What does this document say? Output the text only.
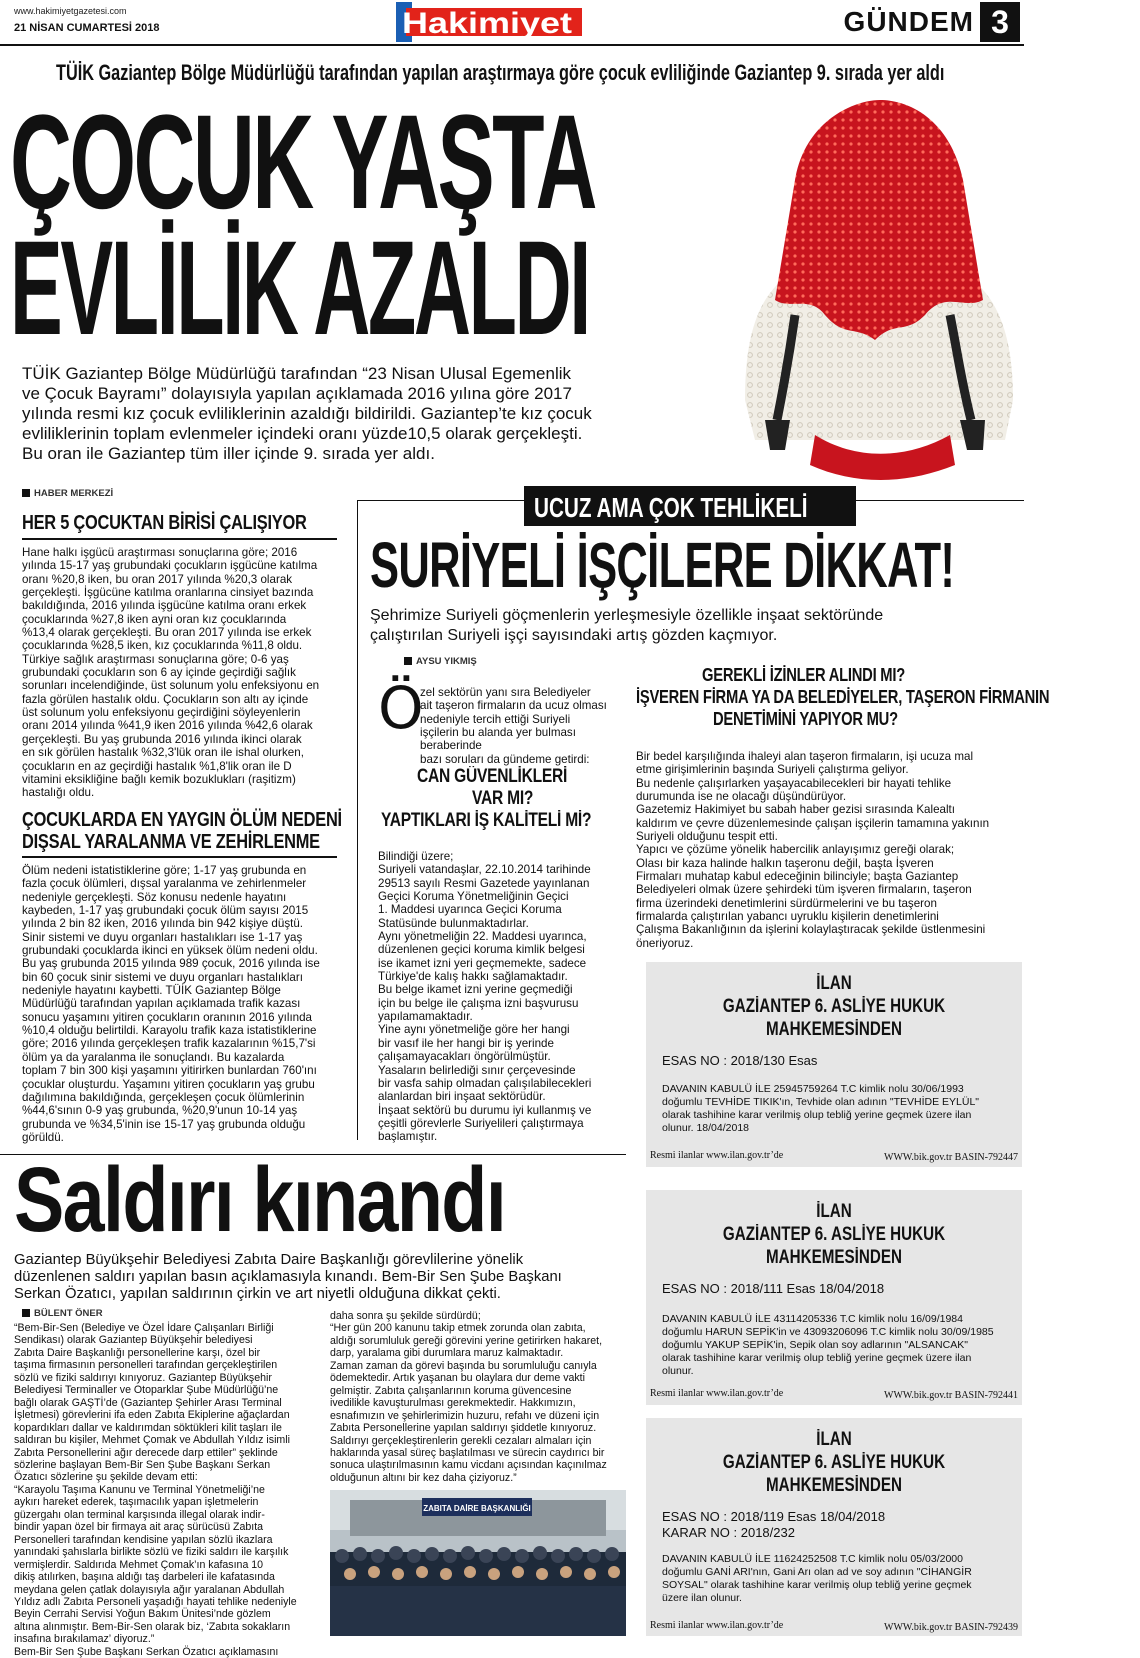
www.hakimiyetgazetesi.com
21 NİSAN CUMARTESİ 2018	Hakimiyet	GÜNDEM 3
TÜİK Gaziantep Bölge Müdürlüğü tarafından yapılan araştırmaya göre çocuk evliliğinde Gaziantep 9. sırada yer aldı
ÇOCUK YAŞTA
EVLİLİK AZALDI

TÜİK Gaziantep Bölge Müdürlüğü tarafından “23 Nisan Ulusal Egemenlik
ve Çocuk Bayramı” dolayısıyla yapılan açıklamada 2016 yılına göre 2017
yılında resmi kız çocuk evliliklerinin azaldığı bildirildi. Gaziantep’te kız çocuk
evliliklerinin toplam evlenmeler içindeki oranı yüzde10,5 olarak gerçekleşti.
Bu oran ile Gaziantep tüm iller içinde 9. sırada yer aldı.

HABER MERKEZİ
HER 5 ÇOCUKTAN BİRİSİ ÇALIŞIYOR

Hane halkı işgücü araştırması sonuçlarına göre; 2016
yılında 15-17 yaş grubundaki çocukların işgücüne katılma
oranı %20,8 iken, bu oran 2017 yılında %20,3 olarak
gerçekleşti. İşgücüne katılma oranlarına cinsiyet bazında
bakıldığında, 2016 yılında işgücüne katılma oranı erkek
çocuklarında %27,8 iken ayni oran kız çocuklarında
%13,4 olarak gerçekleşti. Bu oran 2017 yılında ise erkek
çocuklarında %28,5 iken, kız çocuklarında %11,8 oldu.
Türkiye sağlık araştırması sonuçlarına göre; 0-6 yaş
grubundaki çocukların son 6 ay içinde geçirdiği sağlık
sorunları incelendiğinde, üst solunum yolu enfeksiyonu en
fazla görülen hastalık oldu. Çocukların son altı ay içinde
üst solunum yolu enfeksiyonu geçirdiğini söyleyenlerin
oranı 2014 yılında %41,9 iken 2016 yılında %42,6 olarak
gerçekleşti. Bu yaş grubunda 2016 yılında ikinci olarak
en sık görülen hastalık %32,3'lük oran ile ishal olurken,
çocukların en az geçirdiği hastalık %1,8'lik oran ile D
vitamini eksikliğine bağlı kemik bozuklukları (raşitizm)
hastalığı oldu.

ÇOCUKLARDA EN YAYGIN ÖLÜM NEDENİ
DIŞSAL YARALANMA VE ZEHİRLENME

Ölüm nedeni istatistiklerine göre; 1-17 yaş grubunda en
fazla çocuk ölümleri, dışsal yaralanma ve zehirlenmeler
nedeniyle gerçekleşti. Söz konusu nedenle hayatını
kaybeden, 1-17 yaş grubundaki çocuk ölüm sayısı 2015
yılında 2 bin 82 iken, 2016 yılında bin 942 kişiye düştü.
Sinir sistemi ve duyu organları hastalıkları ise 1-17 yaş
grubundaki çocuklarda ikinci en yüksek ölüm nedeni oldu.
Bu yaş grubunda 2015 yılında 989 çocuk, 2016 yılında ise
bin 60 çocuk sinir sistemi ve duyu organları hastalıkları
nedeniyle hayatını kaybetti. TÜİK Gaziantep Bölge
Müdürlüğü tarafından yapılan açıklamada trafik kazası
sonucu yaşamını yitiren çocukların oranının 2016 yılında
%10,4 olduğu belirtildi. Karayolu trafik kaza istatistiklerine
göre; 2016 yılında gerçekleşen trafik kazalarının %15,7'si
ölüm ya da yaralanma ile sonuçlandı. Bu kazalarda
toplam 7 bin 300 kişi yaşamını yitirirken bunlardan 760'ını
çocuklar oluşturdu. Yaşamını yitiren çocukların yaş grubu
dağılımına bakıldığında, gerçekleşen çocuk ölümlerinin
%44,6'sının 0-9 yaş grubunda, %20,9'unun 10-14 yaş
grubunda ve %34,5'inin ise 15-17 yaş grubunda olduğu
görüldü.

UCUZ AMA ÇOK TEHLİKELİ
SURİYELİ İŞÇİLERE DİKKAT!

Şehrimize Suriyeli göçmenlerin yerleşmesiyle özellikle inşaat sektöründe
çalıştırılan Suriyeli işçi sayısındaki artış gözden kaçmıyor.

AYSU YIKMIŞ
Ö

zel sektörün yanı sıra Belediyeler
ait taşeron firmaların da ucuz olması
nedeniyle tercih ettiği Suriyeli
işçilerin bu alanda yer bulması beraberinde
bazı soruları da gündeme getirdi:

CAN GÜVENLİKLERİ
VAR MI?
YAPTIKLARI İŞ KALİTELİ Mİ?

Bilindiği üzere;
Suriyeli vatandaşlar, 22.10.2014 tarihinde
29513 sayılı Resmi Gazetede yayınlanan
Geçici Koruma Yönetmeliğinin Geçici
1. Maddesi uyarınca Geçici Koruma
Statüsünde bulunmaktadırlar.
Aynı yönetmeliğin 22. Maddesi uyarınca,
düzenlenen geçici koruma kimlik belgesi
ise ikamet izni yeri geçmemekte, sadece
Türkiye'de kalış hakkı sağlamaktadır.
Bu belge ikamet izni yerine geçmediği
için bu belge ile çalışma izni başvurusu
yapılamamaktadır.
Yine aynı yönetmeliğe göre her hangi
bir vasıf ile her hangi bir iş yerinde
çalışamayacakları öngörülmüştür.
Yasaların belirlediği sınır çerçevesinde
bir vasfa sahip olmadan çalışılabilecekleri
alanlardan biri inşaat sektörüdür.
İnşaat sektörü bu durumu iyi kullanmış ve
çeşitli görevlerle Suriyelileri çalıştırmaya
başlamıştır.

GEREKLİ İZİNLER ALINDI MI?
İŞVEREN FİRMA YA DA BELEDİYELER, TAŞERON FİRMANIN
DENETİMİNİ YAPIYOR MU?

Bir bedel karşılığında ihaleyi alan taşeron firmaların, işi ucuza mal
etme girişimlerinin başında Suriyeli çalıştırma geliyor.
Bu nedenle çalışırlarken yaşayacabilecekleri bir hayati tehlike
durumunda ise ne olacağı düşündürüyor.
Gazetemiz Hakimiyet bu sabah haber gezisi sırasında Kalealtı
kaldırım ve çevre düzenlemesinde çalışan işçilerin tamamına yakının
Suriyeli olduğunu tespit etti.
Yapıcı ve çözüme yönelik habercilik anlayışımız gereği olarak;
Olası bir kaza halinde halkın taşeronu değil, başta İşveren
Firmaları muhatap kabul edeceğinin bilinciyle; başta Gaziantep
Belediyeleri olmak üzere şehirdeki tüm işveren firmaların, taşeron
firma üzerindeki denetimlerini sürdürmelerini ve bu taşeron
firmalarda çalıştırılan yabancı uyruklu kişilerin denetimlerini
Çalışma Bakanlığının da işlerini kolaylaştıracak şekilde üstlenmesini
öneriyoruz.

İLAN
GAZİANTEP 6. ASLİYE HUKUK
MAHKEMESİNDEN
ESAS NO : 2018/130 Esas
DAVANIN KABULÜ İLE 25945759264 T.C kimlik nolu 30/06/1993
doğumlu TEVHİDE TIKIK'ın, Tevhide olan adının "TEVHİDE EYLÜL"
olarak tashihine karar verilmiş olup tebliğ yerine geçmek üzere ilan
olunur. 18/04/2018
Resmi ilanlar www.ilan.gov.tr’de	WWW.bik.gov.tr BASIN-792447
İLAN
GAZİANTEP 6. ASLİYE HUKUK
MAHKEMESİNDEN
ESAS NO : 2018/111 Esas 18/04/2018
DAVANIN KABULÜ İLE 43114205336 T.C kimlik nolu 16/09/1984
doğumlu HARUN SEPİK'in ve 43093206096 T.C kimlik nolu 30/09/1985
doğumlu YAKUP SEPİK'in, Sepik olan soy adlarının "ALSANCAK"
olarak tashihine karar verilmiş olup tebliğ yerine geçmek üzere ilan
olunur.
Resmi ilanlar www.ilan.gov.tr’de	WWW.bik.gov.tr BASIN-792441
İLAN
GAZİANTEP 6. ASLİYE HUKUK
MAHKEMESİNDEN
ESAS NO : 2018/119 Esas 18/04/2018
KARAR NO : 2018/232
DAVANIN KABULÜ İLE 11624252508 T.C kimlik nolu 05/03/2000
doğumlu GANİ ARI'nın, Gani Arı olan ad ve soy adının "CİHANGİR
SOYSAL" olarak tashihine karar verilmiş olup tebliğ yerine geçmek
üzere ilan olunur.
Resmi ilanlar www.ilan.gov.tr’de	WWW.bik.gov.tr BASIN-792439
Saldırı kınandı

Gaziantep Büyükşehir Belediyesi Zabıta Daire Başkanlığı görevlilerine yönelik
düzenlenen saldırı yapılan basın açıklamasıyla kınandı. Bem-Bir Sen Şube Başkanı
Serkan Özatıcı, yapılan saldırının çirkin ve art niyetli olduğuna dikkat çekti.

BÜLENT ÖNER

“Bem-Bir-Sen (Belediye ve Özel İdare Çalışanları Birliği
Sendikası) olarak Gaziantep Büyükşehir belediyesi
Zabıta Daire Başkanlığı personellerine karşı, özel bir
taşıma firmasının personelleri tarafından gerçekleştirilen
sözlü ve fiziki saldırıyı kınıyoruz. Gaziantep Büyükşehir
Belediyesi Terminaller ve Otoparklar Şube Müdürlüğü’ne
bağlı olarak GAŞTİ’de (Gaziantep Şehirler Arası Terminal
İşletmesi) görevlerini ifa eden Zabıta Ekiplerine ağaçlardan
kopardıkları dallar ve kaldırımdan söktükleri kilit taşları ile
saldıran bu kişiler, Mehmet Çomak ve Abdullah Yıldız isimli
Zabıta Personellerini ağır derecede darp ettiler” şeklinde
sözlerine başlayan Bem-Bir Sen Şube Başkanı Serkan
Özatıcı sözlerine şu şekilde devam etti:
“Karayolu Taşıma Kanunu ve Terminal Yönetmeliği’ne
aykırı hareket ederek, taşımacılık yapan işletmelerin
güzergahı olan terminal karşısında illegal olarak indir-
bindir yapan özel bir firmaya ait araç sürücüsü Zabıta
Personelleri tarafından kendisine yapılan sözlü ikazlara
yanındaki şahıslarla birlikte sözlü ve fiziki saldırı ile karşılık
vermişlerdir. Saldırıda Mehmet Çomak’ın kafasına 10
dikiş atılırken, başına aldığı taş darbeleri ile kafatasında
meydana gelen çatlak dolayısıyla ağır yaralanan Abdullah
Yıldız adlı Zabıta Personeli yaşadığı hayati tehlike nedeniyle
Beyin Cerrahi Servisi Yoğun Bakım Ünitesi’nde gözlem
altına alınmıştır. Bem-Bir-Sen olarak biz, ‘Zabıta sokakların
insafına bırakılamaz’ diyoruz.”
Bem-Bir Sen Şube Başkanı Serkan Özatıcı açıklamasını

daha sonra şu şekilde sürdürdü;
“Her gün 200 kanunu takip etmek zorunda olan zabıta,
aldığı sorumluluk gereği görevini yerine getirirken hakaret,
darp, yaralama gibi durumlara maruz kalmaktadır.
Zaman zaman da görevi başında bu sorumluluğu canıyla
ödemektedir. Artık yaşanan bu olaylara dur deme vakti
gelmiştir. Zabıta çalışanlarının koruma güvencesine
ivedilikle kavuşturulması gerekmektedir. Hakkımızın,
esnafımızın ve şehirlerimizin huzuru, refahı ve düzeni için
Zabıta Personellerine yapılan saldırıyı şiddetle kınıyoruz.
Saldırıyı gerçekleştirenlerin gerekli cezaları almaları için
haklarında yasal süreç başlatılması ve sürecin caydırıcı bir
sonuca ulaştırılmasının kamu vicdanı açısından kaçınılmaz
olduğunun altını bir kez daha çiziyoruz.”

ZABITA DAİRE BAŞKANLIĞI
